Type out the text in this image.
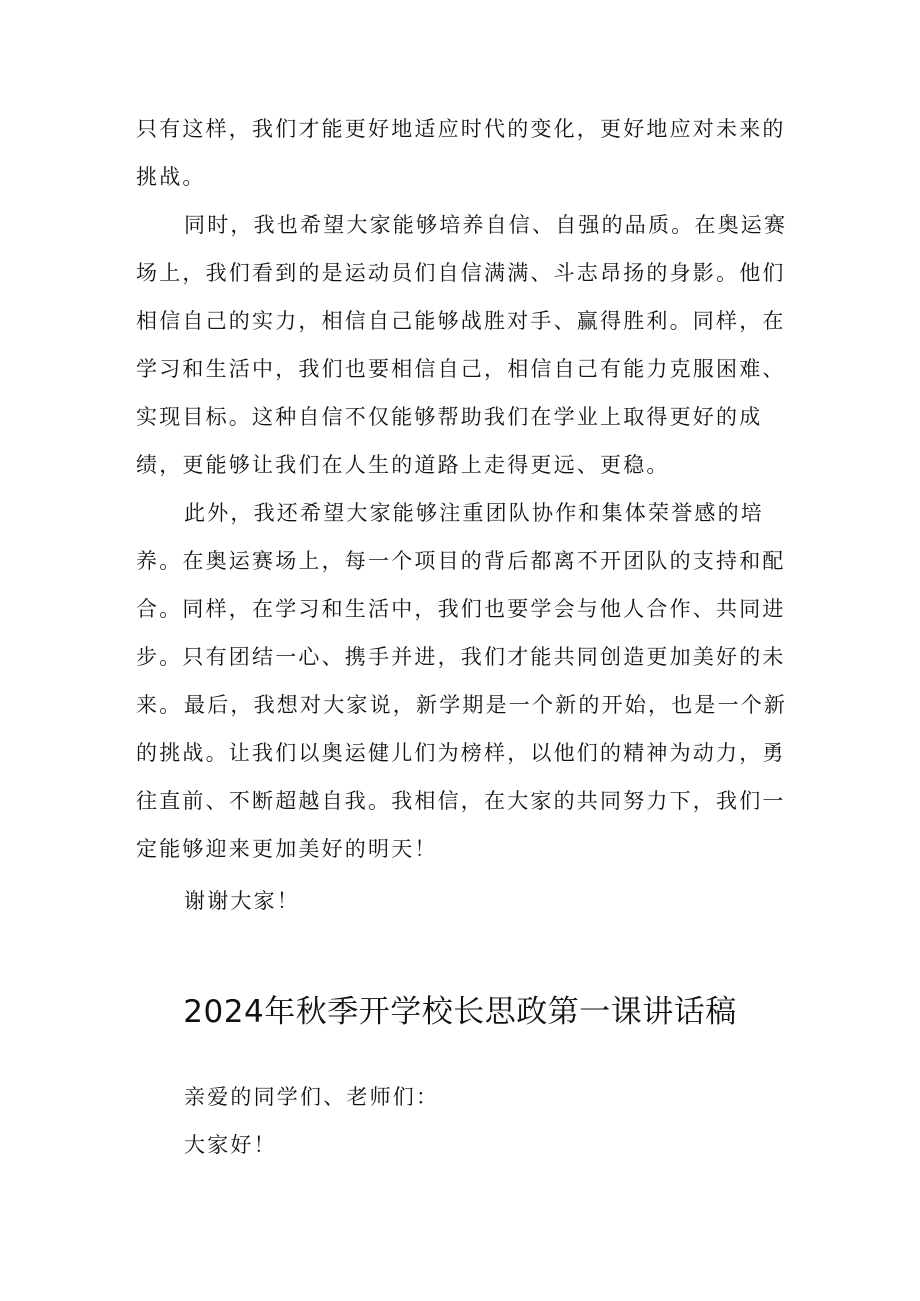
只有这样，我们才能更好地适应时代的变化，更好地应对未来的挑战。

同时，我也希望大家能够培养自信、自强的品质。在奥运赛场上，我们看到的是运动员们自信满满、斗志昂扬的身影。他们相信自己的实力，相信自己能够战胜对手、赢得胜利。同样，在学习和生活中，我们也要相信自己，相信自己有能力克服困难、实现目标。这种自信不仅能够帮助我们在学业上取得更好的成绩，更能够让我们在人生的道路上走得更远、更稳。

此外，我还希望大家能够注重团队协作和集体荣誉感的培养。在奥运赛场上，每一个项目的背后都离不开团队的支持和配合。同样，在学习和生活中，我们也要学会与他人合作、共同进步。只有团结一心、携手并进，我们才能共同创造更加美好的未来。 最后，我想对大家说，新学期是一个新的开始，也是一个新的挑战。让我们以奥运健儿们为榜样，以他们的精神为动力，勇往直前、不断超越自我。我相信，在大家的共同努力下，我们一定能够迎来更加美好的明天！

谢谢大家！

2024年秋季开学校长思政第一课讲话稿

亲爱的同学们、老师们：

大家好！
